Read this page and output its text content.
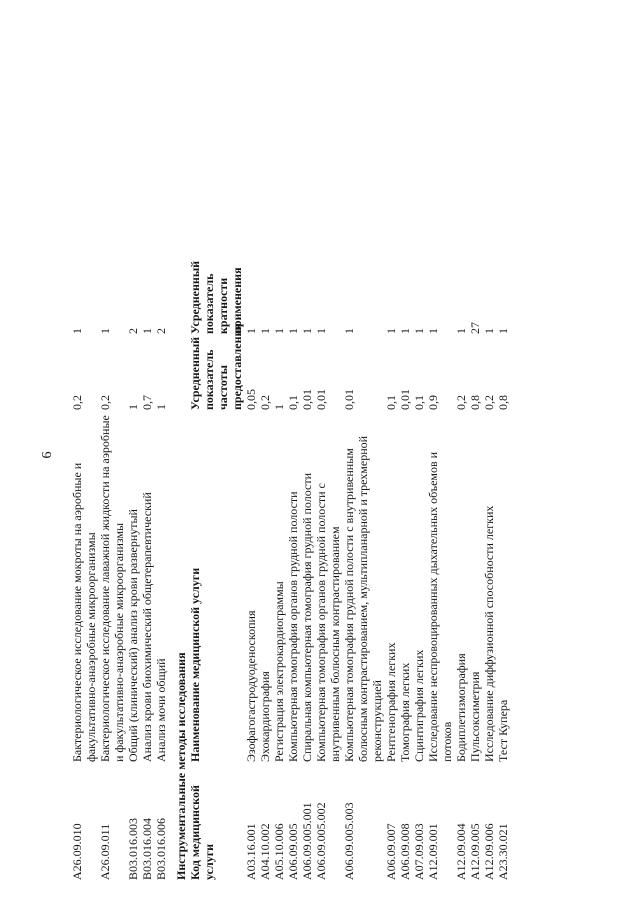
6
A26.09.010	Бактериологическое исследование мокроты на аэробные и факультативно-анаэробные микроорганизмы	0,2	1	
A26.09.011	Бактериологическое исследование лаважной жидкости на аэробные и факультативно-анаэробные микроорганизмы	0,2	1	
B03.016.003	Общий (клинический) анализ крови развернутый	1	2	
B03.016.004	Анализ крови биохимический общетерапевтический	0,7	1	
B03.016.006	Анализ мочи общий	1	2	
Инструментальные методы исследования				
Код медицинской услуги	Наименование медицинской услуги	Усредненный показатель частоты предоставления	Усредненный показатель кратности применения	
A03.16.001	Эзофагогастродуоденоскопия	0,05	1	
A04.10.002	Эхокардиография	0,2	1	
A05.10.006	Регистрация электрокардиограммы	1	1	
A06.09.005	Компьютерная томография органов грудной полости	0,1	1	
A06.09.005.001	Спиральная компьютерная томография грудной полости	0,01	1	
A06.09.005.002	Компьютерная томография органов грудной полости с внутривенным болюсным контрастированием	0,01	1	
A06.09.005.003	Компьютерная томография грудной полости с внутривенным болюсным контрастированием, мультипланарной и трехмерной реконструкцией	0,01	1	
A06.09.007	Рентгенография легких	0,1	1	
A06.09.008	Томография легких	0,01	1	
A07.09.003	Сцинтиграфия легких	0,1	1	
A12.09.001	Исследование неспровоцированных дыхательных объемов и потоков	0,9	1	
A12.09.004	Бодиплетизмография	0,2	1	
A12.09.005	Пульсоксиметрия	0,8	27	
A12.09.006	Исследование диффузионной способности легких	0,2	1	
A23.30.021	Тест Купера	0,8	1	
